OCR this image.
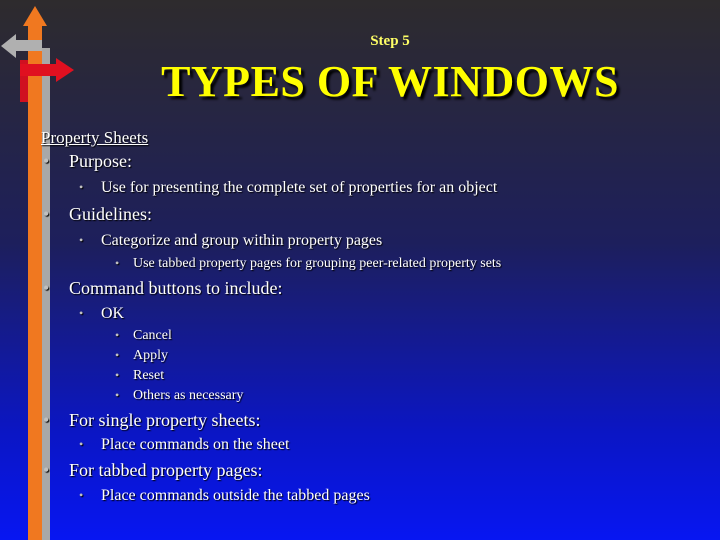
Step 5
TYPES OF WINDOWS
Property Sheets
• Purpose:
• Use for presenting the complete set of properties for an object
• Guidelines:
• Categorize and group within property pages
• Use tabbed property pages for grouping peer-related property sets
• Command buttons to include:
• OK
• Cancel
• Apply
• Reset
• Others as necessary
• For single property sheets:
• Place commands on the sheet
• For tabbed property pages:
• Place commands outside the tabbed pages
